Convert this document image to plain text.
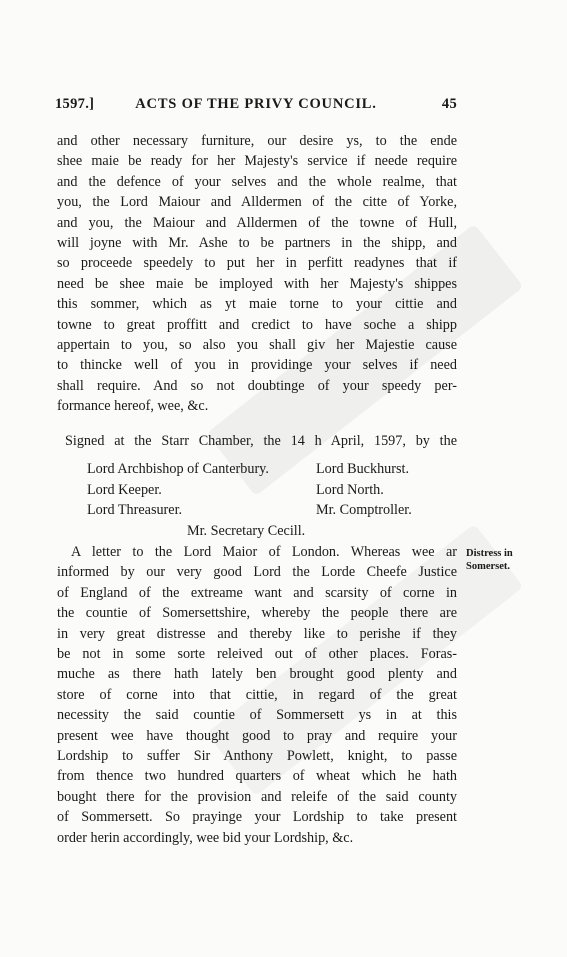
1597.]	ACTS OF THE PRIVY COUNCIL.	45
and other necessary furniture, our desire ys, to the ende
shee maie be ready for her Majesty's service if neede require
and the defence of your selves and the whole realme, that
you, the Lord Maiour and Alldermen of the citte of Yorke,
and you, the Maiour and Alldermen of the towne of Hull,
will joyne with Mr. Ashe to be partners in the shipp, and
so proceede speedely to put her in perfitt readynes that if
need be shee maie be imployed with her Majesty's shippes
this sommer, which as yt maie torne to your cittie and
towne to great proffitt and credict to have soche a shipp
appertain to you, so also you shall giv her Majestie cause
to thincke well of you in providinge your selves if need
shall require. And so not doubtinge of your speedy per-
formance hereof, wee, &c.
Signed at the Starr Chamber, the 14 h April, 1597, by the
Lord Archbishop of Canterbury.	Lord Buckhurst.
Lord Keeper.	Lord North.
Lord Threasurer.	Mr. Comptroller.
Mr. Secretary Cecill.
Distress in
Somerset.
A letter to the Lord Maior of London. Whereas wee ar
informed by our very good Lord the Lorde Cheefe Justice
of England of the extreame want and scarsity of corne in
the countie of Somersettshire, whereby the people there are
in very great distresse and thereby like to perishe if they
be not in some sorte releived out of other places. Foras-
muche as there hath lately ben brought good plenty and
store of corne into that cittie, in regard of the great
necessity the said countie of Sommersett ys in at this
present wee have thought good to pray and require your
Lordship to suffer Sir Anthony Powlett, knight, to passe
from thence two hundred quarters of wheat which he hath
bought there for the provision and releife of the said county
of Sommersett. So prayinge your Lordship to take present
order herin accordingly, wee bid your Lordship, &c.
